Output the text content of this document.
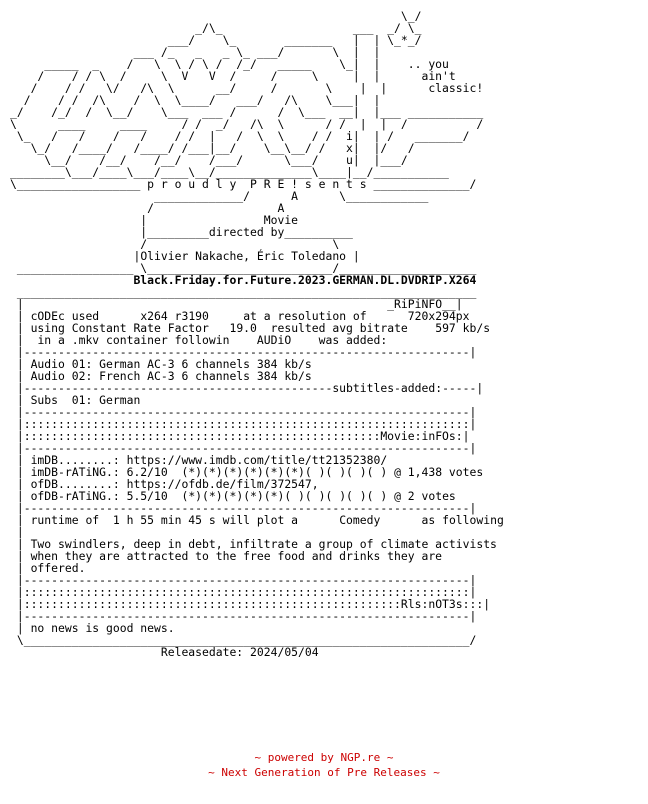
\_/
_/\_                   ___  _/ \_
___/    \_       _______   |  | \_*_/
___ /_   _   _ \_ ___/       \  |  |
_____  _    /   \  \ / \ /  /_/   _____    \_|  |    .. you
/    / / \  /     \  V   V  /     /     \     |  |      ain't
/    / /   \/   /\  \      __/     /       \    |  |      classic!
/    / /  /\    /  \  \____/   ___/   /\    \___|  |
_/    /_/  /  \__/    \___  ___ /      /  \___  __|  |___ ___________
\      ____     ____     / /  _/   /\  \      / /  |  |  /          /
\_   /   /    /   /    / /  |   /  \  \    / /  i|  | /   _______/
\_/   /____/   /____/ /___|__/    \__\__/ /   x|  |/   /
\__/    /__/    /__/    /___/      \___/    u|  |___/
________\___/____\___/____\__/______________\____|__/___________
\__________________ p r o u d l y  P R E ! s e n t s ______________/
_____________/      A      \____________
/                  A
|                 Movie
|_________directed by__________
/                           \
|Olivier Nakache, Éric Toledano |
_________________ \___________________________/____________________
Black.Friday.for.Future.2023.GERMAN.DL.DVDRIP.X264
___________________________________________________________________
|                                                     _RiPiNFO__|
| cODEc used	x264 r3190	at a resolution of	720x294px
| using Constant Rate Factor 19.0 resulted avg bitrate 597 kb/s
|  in a .mkv container followin AUDiO    was added:
|-----------------------------------------------------------------|
| Audio 01: German AC-3 6 channels 384 kb/s
| Audio 02: French AC-3 6 channels 384 kb/s
|---------------------------------------------subtitles-added:-----|
| Subs  01: German
|-----------------------------------------------------------------|
|:::::::::::::::::::::::::::::::::::::::::::::::::::::::::::::::::|
|::::::::::::::::::::::::::::::::::::::::::::::::::::Movie:inFOs:|
|-----------------------------------------------------------------|
| imDB........: https://www.imdb.com/title/tt21352380/
| imDB-rATiNG.: 6.2/10 (*)(*)(*)(*)(*)(*)( )( )( )( ) @ 1,438 votes
| ofDB........: https://ofdb.de/film/372547,
| ofDB-rATiNG.: 5.5/10 (*)(*)(*)(*)(*)( )( )( )( )( ) @ 2 votes
|-----------------------------------------------------------------|
| runtime of 1 h 55 min 45 s will plot a	Comedy	as following
|
| Two swindlers, deep in debt, infiltrate a group of climate activists
| when they are attracted to the free food and drinks they are
| offered.
|-----------------------------------------------------------------|
|:::::::::::::::::::::::::::::::::::::::::::::::::::::::::::::::::|
|:::::::::::::::::::::::::::::::::::::::::::::::::::::::Rls:nOT3s:::|
|-----------------------------------------------------------------|
| no news is good news.
\_________________________________________________________________/
Releasedate: 2024/05/04
~ powered by NGP.re ~
~ Next Generation of Pre Releases ~
